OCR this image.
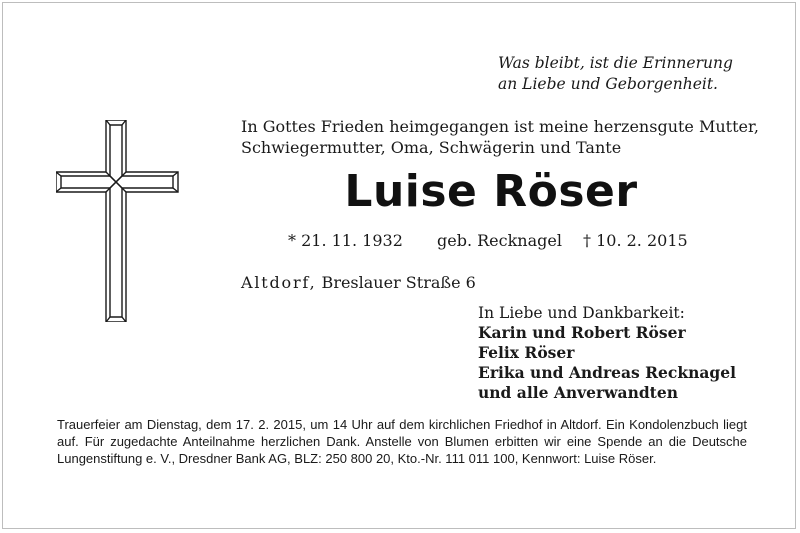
Was bleibt, ist die Erinnerung
an Liebe und Geborgenheit.
In Gottes Frieden heimgegangen ist meine herzensgute Mutter,
Schwiegermutter, Oma, Schwägerin und Tante
Luise Röser
* 21. 11. 1932 geb. Recknagel † 10. 2. 2015
Altdorf, Breslauer Straße 6
In Liebe und Dankbarkeit:
Karin und Robert Röser
Felix Röser
Erika und Andreas Recknagel
und alle Anverwandten
Trauerfeier am Dienstag, dem 17. 2. 2015, um 14 Uhr auf dem kirchlichen Friedhof in Altdorf. Ein Kondolenzbuch liegt auf. Für zugedachte Anteilnahme herzlichen Dank. Anstelle von Blumen erbitten wir eine Spende an die Deutsche Lungenstiftung e. V., Dresdner Bank AG, BLZ: 250 800 20, Kto.-Nr. 111 011 100, Kennwort: Luise Röser.
